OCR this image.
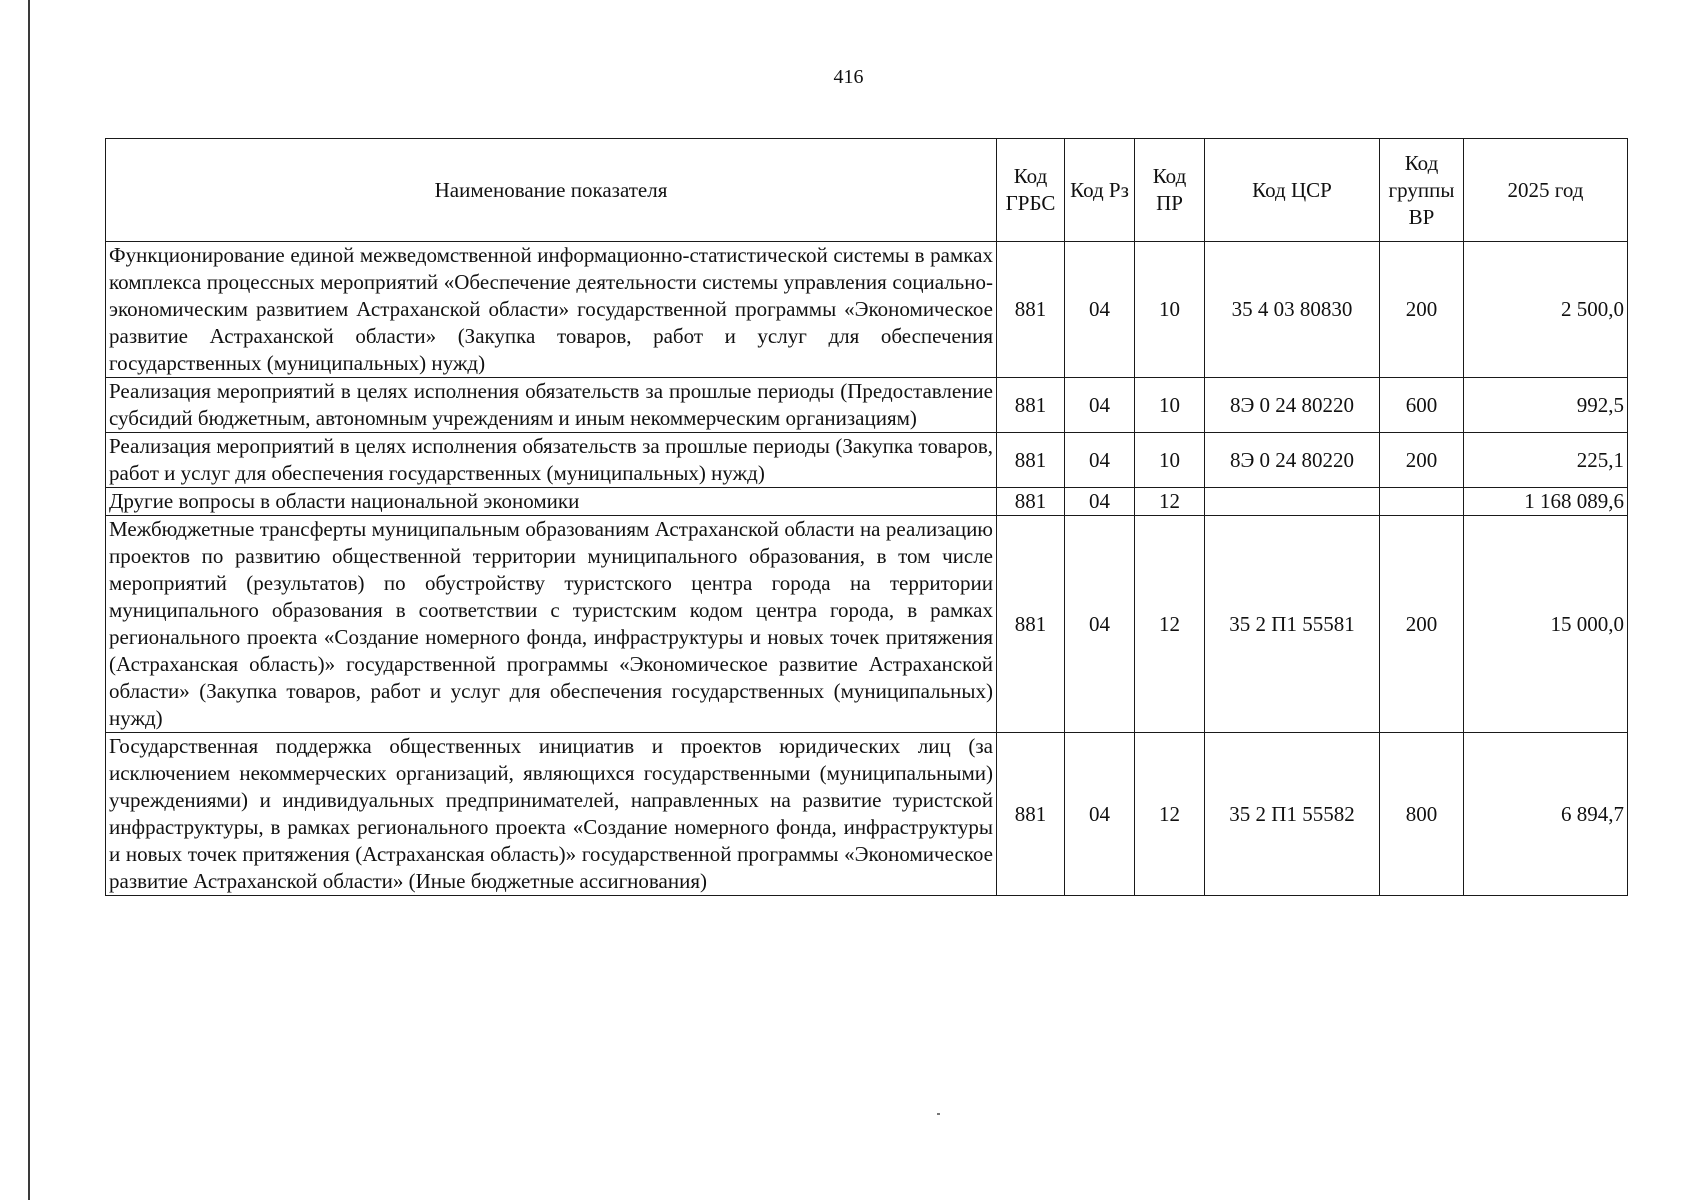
416
Наименование показателя	Код ГРБС	Код Рз	Код ПР	Код ЦСР	Код группы ВР	2025 год
Функционирование единой межведомственной информационно-статистической системы в рамках комплекса процессных мероприятий «Обеспечение деятельности системы управления социально-экономическим развитием Астраханской области» государственной программы «Экономическое развитие Астраханской области» (Закупка товаров, работ и услуг для обеспечения государственных (муниципальных) нужд)	881	04	10	35 4 03 80830	200	2 500,0
Реализация мероприятий в целях исполнения обязательств за прошлые периоды (Предоставление субсидий бюджетным, автономным учреждениям и иным некоммерческим организациям)	881	04	10	8Э 0 24 80220	600	992,5
Реализация мероприятий в целях исполнения обязательств за прошлые периоды (Закупка товаров, работ и услуг для обеспечения государственных (муниципальных) нужд)	881	04	10	8Э 0 24 80220	200	225,1
Другие вопросы в области национальной экономики	881	04	12			1 168 089,6
Межбюджетные трансферты муниципальным образованиям Астраханской области на реализацию проектов по развитию общественной территории муниципального образования, в том числе мероприятий (результатов) по обустройству туристского центра города на территории муниципального образования в соответствии с туристским кодом центра города, в рамках регионального проекта «Создание номерного фонда, инфраструктуры и новых точек притяжения (Астраханская область)» государственной программы «Экономическое развитие Астраханской области» (Закупка товаров, работ и услуг для обеспечения государственных (муниципальных) нужд)	881	04	12	35 2 П1 55581	200	15 000,0
Государственная поддержка общественных инициатив и проектов юридических лиц (за исключением некоммерческих организаций, являющихся государственными (муниципальными) учреждениями) и индивидуальных предпринимателей, направленных на развитие туристской инфраструктуры, в рамках регионального проекта «Создание номерного фонда, инфраструктуры и новых точек притяжения (Астраханская область)» государственной программы «Экономическое развитие Астраханской области» (Иные бюджетные ассигнования)	881	04	12	35 2 П1 55582	800	6 894,7
